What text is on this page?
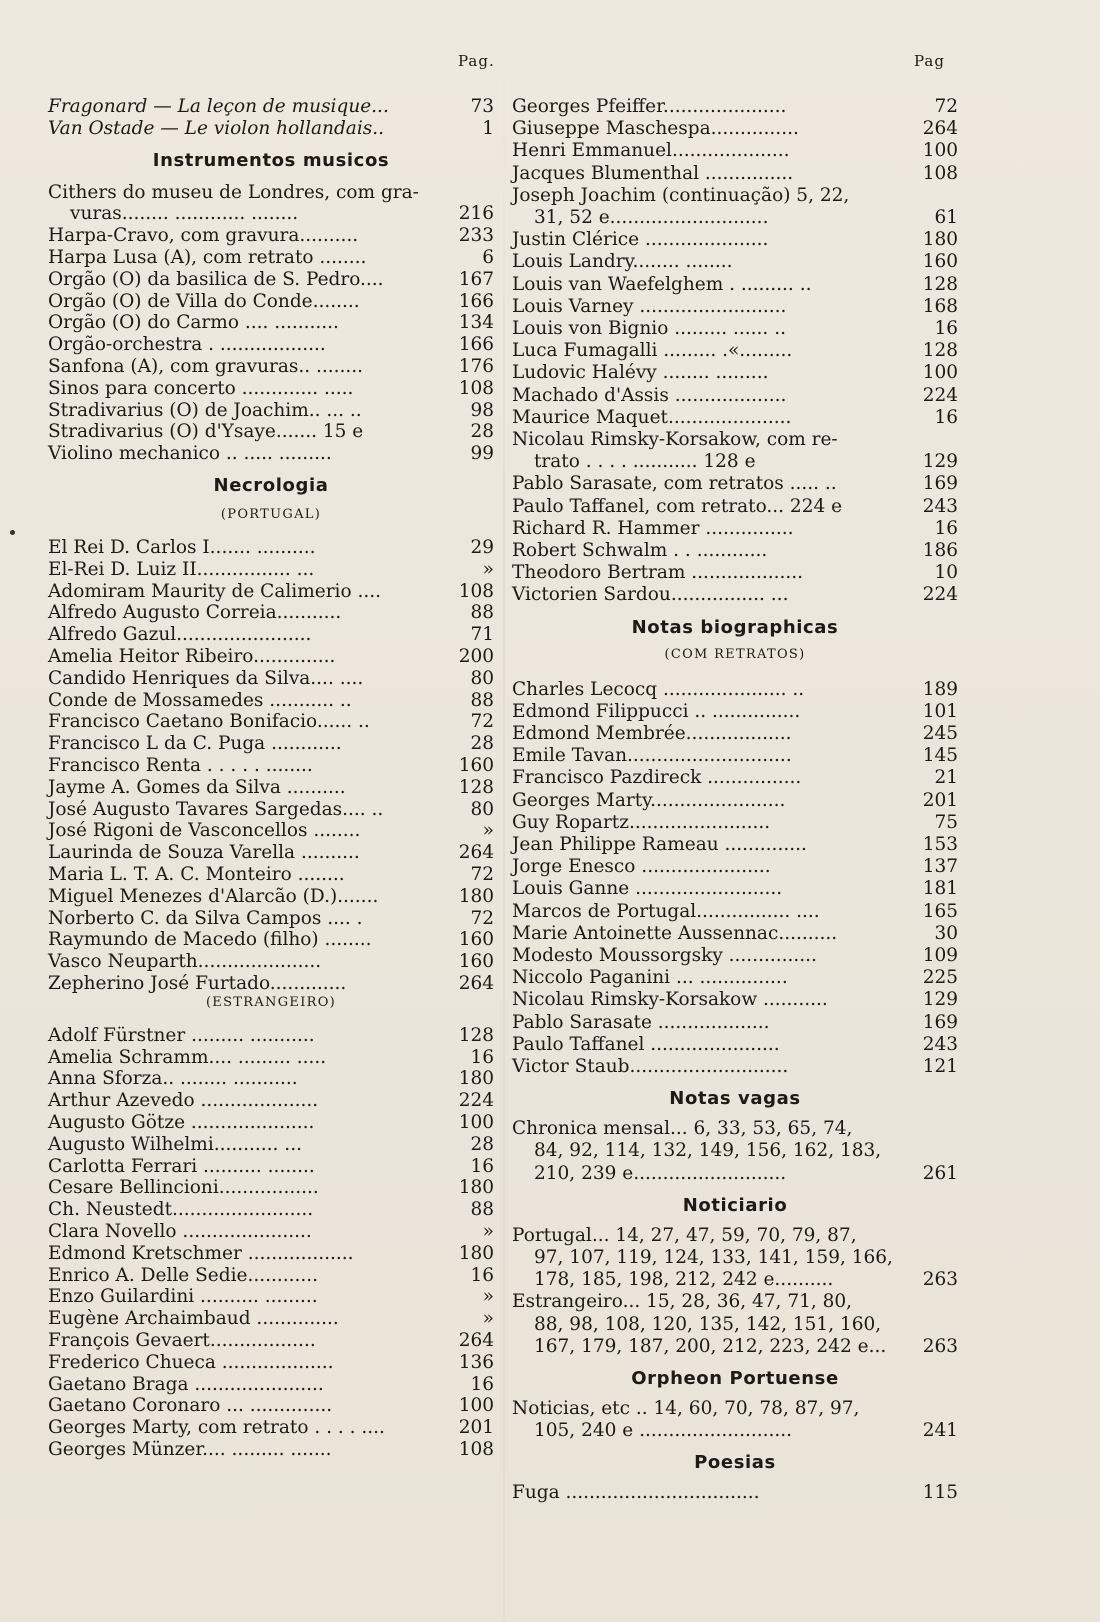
Pag.	Pag
Fragonard — La leçon de musique...	73
Van Ostade — Le violon hollandais..	1
Instrumentos musicos
Cithers do museu de Londres, com gra-
vuras........ ............ ........	216
Harpa-Cravo, com gravura..........	233
Harpa Lusa (A), com retrato ........	6
Orgão (O) da basilica de S. Pedro....	167
Orgão (O) de Villa do Conde........	166
Orgão (O) do Carmo .... ...........	134
Orgão-orchestra . ..................	166
Sanfona (A), com gravuras.. ........	176
Sinos para concerto ............. .....	108
Stradivarius (O) de Joachim.. ... ..	98
Stradivarius (O) d'Ysaye....... 15 e	28
Violino mechanico .. ..... .........	99
Necrologia
(PORTUGAL)
El Rei D. Carlos I....... ..........	29
El-Rei D. Luiz II................ ...	»
Adomiram Maurity de Calimerio ....	108
Alfredo Augusto Correia...........	88
Alfredo Gazul.......................	71
Amelia Heitor Ribeiro..............	200
Candido Henriques da Silva.... ....	80
Conde de Mossamedes ........... ..	88
Francisco Caetano Bonifacio...... ..	72
Francisco L da C. Puga ............	28
Francisco Renta . . . . . ........	160
Jayme A. Gomes da Silva ..........	128
José Augusto Tavares Sargedas.... ..	80
José Rigoni de Vasconcellos ........	»
Laurinda de Souza Varella ..........	264
Maria L. T. A. C. Monteiro ........	72
Miguel Menezes d'Alarcão (D.).......	180
Norberto C. da Silva Campos .... .	72
Raymundo de Macedo (filho) ........	160
Vasco Neuparth.....................	160
Zepherino José Furtado.............	264
(ESTRANGEIRO)
Adolf Fürstner ......... ...........	128
Amelia Schramm.... ......... .....	16
Anna Sforza.. ........ ...........	180
Arthur Azevedo ....................	224
Augusto Götze .....................	100
Augusto Wilhelmi........... ...	28
Carlotta Ferrari .......... ........	16
Cesare Bellincioni.................	180
Ch. Neustedt........................	88
Clara Novello ......................	»
Edmond Kretschmer ..................	180
Enrico A. Delle Sedie............	16
Enzo Guilardini .......... .........	»
Eugène Archaimbaud ..............	»
François Gevaert..................	264
Frederico Chueca ...................	136
Gaetano Braga ......................	16
Gaetano Coronaro ... ..............	100
Georges Marty, com retrato . . . . ....	201
Georges Münzer.... ......... .......	108
Georges Pfeiffer.....................	72
Giuseppe Maschespa...............	264
Henri Emmanuel....................	100
Jacques Blumenthal ...............	108
Joseph Joachim (continuação) 5, 22,
31, 52 e...........................	61
Justin Clérice .....................	180
Louis Landry........ ........	160
Louis van Waefelghem . ......... ..	128
Louis Varney .........................	168
Louis von Bignio ......... ...... ..	16
Luca Fumagalli ......... .«.........	128
Ludovic Halévy ........ .........	100
Machado d'Assis ...................	224
Maurice Maquet.....................	16
Nicolau Rimsky-Korsakow, com re-
trato . . . . ........... 128 e	129
Pablo Sarasate, com retratos ..... ..	169
Paulo Taffanel, com retrato... 224 e	243
Richard R. Hammer ...............	16
Robert Schwalm . . ............	186
Theodoro Bertram ...................	10
Victorien Sardou................ ...	224
Notas biographicas
(COM RETRATOS)
Charles Lecocq ..................... ..	189
Edmond Filippucci .. ...............	101
Edmond Membrée..................	245
Emile Tavan............................	145
Francisco Pazdireck ................	21
Georges Marty.......................	201
Guy Ropartz........................	75
Jean Philippe Rameau ..............	153
Jorge Enesco ......................	137
Louis Ganne .........................	181
Marcos de Portugal................ ....	165
Marie Antoinette Aussennac..........	30
Modesto Moussorgsky ...............	109
Niccolo Paganini ... ...............	225
Nicolau Rimsky-Korsakow ...........	129
Pablo Sarasate ...................	169
Paulo Taffanel ......................	243
Victor Staub...........................	121
Notas vagas
Chronica mensal... 6, 33, 53, 65, 74,
84, 92, 114, 132, 149, 156, 162, 183,
210, 239 e..........................	261
Noticiario
Portugal... 14, 27, 47, 59, 70, 79, 87,
97, 107, 119, 124, 133, 141, 159, 166,
178, 185, 198, 212, 242 e..........	263
Estrangeiro... 15, 28, 36, 47, 71, 80,
88, 98, 108, 120, 135, 142, 151, 160,
167, 179, 187, 200, 212, 223, 242 e... 263
Orpheon Portuense
Noticias, etc .. 14, 60, 70, 78, 87, 97,
105, 240 e ..........................	241
Poesias
Fuga .................................	115
